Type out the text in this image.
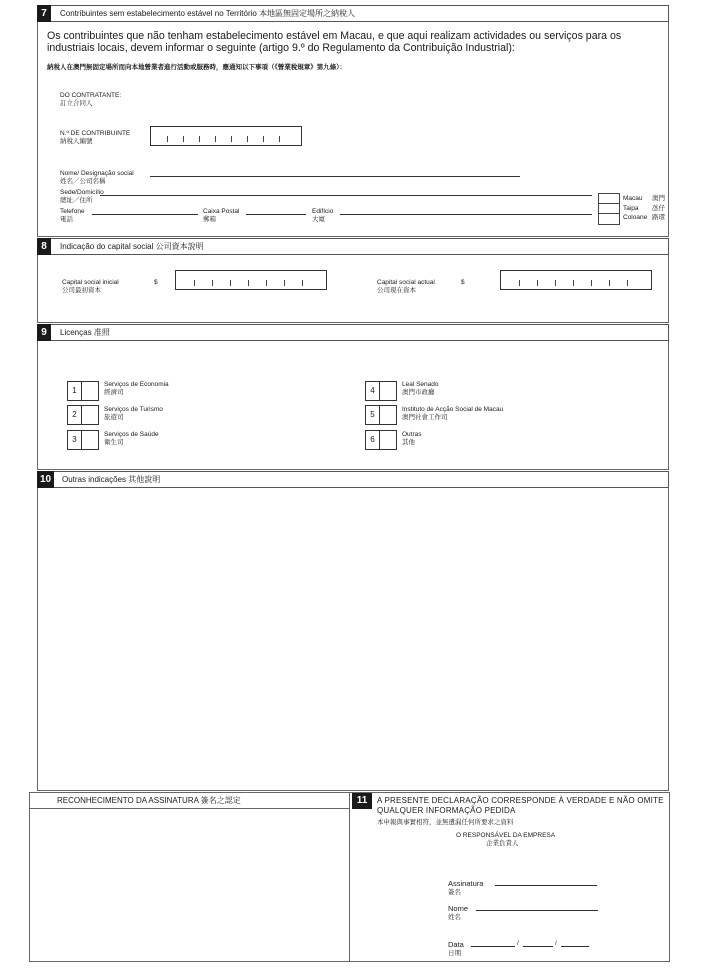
7	Contribuintes sem estabelecimento estável no Território 本地區無固定場所之納稅人
Os contribuintes que não tenham estabelecimento estável em Macau, e que aqui realizam actividades ou serviços para os industriais locais, devem informar o seguinte (artigo 9.º do Regulamento da Contribuição Industrial):
納稅人在澳門無固定場所而向本地營業者進行活動或服務時，應通知以下事項（《營業稅規章》第九條）：
DO CONTRATANTE:
訂立合同人
N.º DE CONTRIBUINTE
納稅人編號
Nome/ Designação social
姓名／公司名稱
Sede/Domicílio
總址／住所
Telefone
電話
Caixa Postal
郵箱
Edifício
大廈
Macau 澳門
Taipa 氹仔
Coloane 路環
8	Indicação do capital social 公司資本說明
Capital social inicial
公司最初資本
$	Capital social actual
公司現在資本
$
9	Licenças 准照
1
Serviços de Economia
經濟司
2
Serviços de Turismo
旅遊司
3
Serviços de Saúde
衛生司
4
Leal Senado
澳門市政廳
5
Instituto de Acção Social de Macau
澳門社會工作司
6
Outras
其他
10	Outras indicações 其他說明
RECONHECIMENTO DA ASSINATURA 簽名之認定	11	A PRESENTE DECLARAÇÃO CORRESPONDE À VERDADE E NÃO OMITE QUALQUER INFORMAÇÃO PEDIDA
本申報與事實相符，並無遺漏任何所要求之資料
O RESPONSÁVEL DA EMPRESA
企業負責人
Assinatura
簽名
Nome
姓名
Data
日期
/	/
